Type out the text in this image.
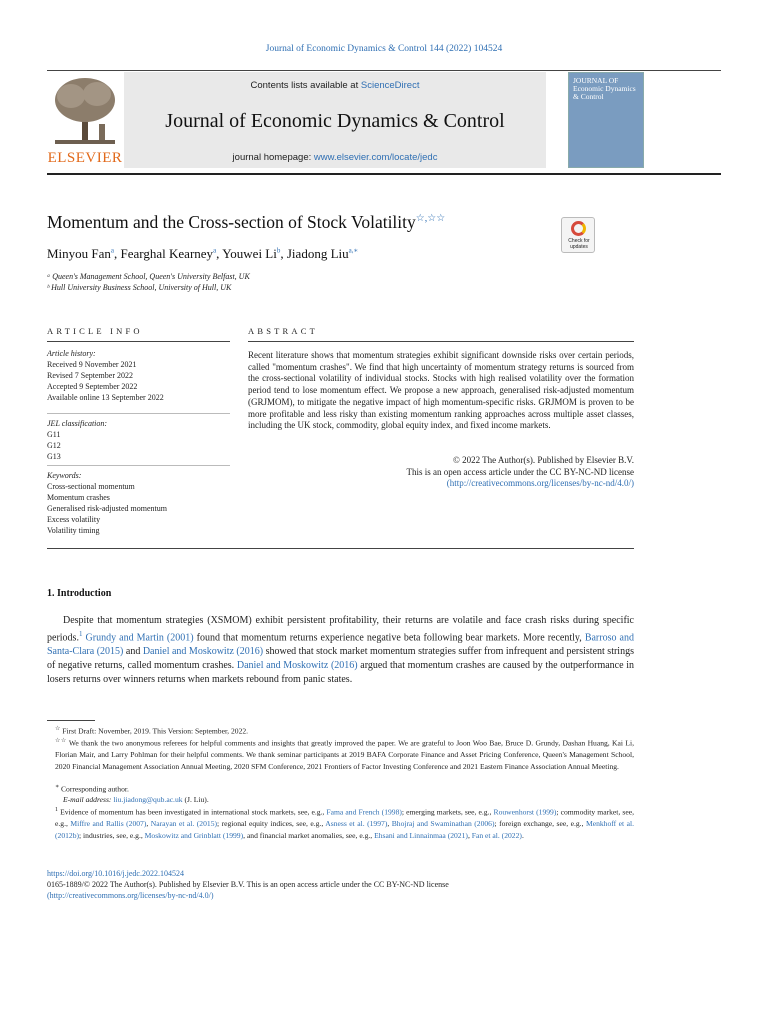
Journal of Economic Dynamics & Control 144 (2022) 104524
ELSEVIER
Contents lists available at ScienceDirect
Journal of Economic Dynamics & Control
journal homepage: www.elsevier.com/locate/jedc
JOURNAL OF Economic Dynamics & Control
Momentum and the Cross-section of Stock Volatility☆,☆☆
Check for updates
Minyou Fan$^a$, Fearghal Kearney$^a$, Youwei Li$^b$, Jiadong Liu$^{a,∗}$
ᵃ Queen's Management School, Queen's University Belfast, UK
ᵇ Hull University Business School, University of Hull, UK
ARTICLE INFO	ABSTRACT
Article history:
Received 9 November 2021
Revised 7 September 2022
Accepted 9 September 2022
Available online 13 September 2022
JEL classification:
G11
G12
G13
Keywords:
Cross-sectional momentum
Momentum crashes
Generalised risk-adjusted momentum
Excess volatility
Volatility timing
Recent literature shows that momentum strategies exhibit significant downside risks over certain periods, called "momentum crashes". We find that high uncertainty of momentum strategy returns is sourced from the cross-sectional volatility of individual stocks. Stocks with high realised volatility over the formation period tend to lose momentum effect. We propose a new approach, generalised risk-adjusted momentum (GRJMOM), to mitigate the negative impact of high momentum-specific risks. GRJMOM is proven to be more profitable and less risky than existing momentum ranking approaches across multiple asset classes, including the UK stock, commodity, global equity index, and fixed income markets.
© 2022 The Author(s). Published by Elsevier B.V.
This is an open access article under the CC BY-NC-ND license
(http://creativecommons.org/licenses/by-nc-nd/4.0/)
1. Introduction
Despite that momentum strategies (XSMOM) exhibit persistent profitability, their returns are volatile and face crash risks during specific periods.$^1$ Grundy and Martin (2001) found that momentum returns experience negative beta following bear markets. More recently, Barroso and Santa-Clara (2015) and Daniel and Moskowitz (2016) showed that stock market momentum strategies suffer from infrequent and persistent strings of negative returns, called momentum crashes. Daniel and Moskowitz (2016) argued that momentum crashes are caused by the outperformance in losers returns over winners returns when markets rebound from panic states.
☆ First Draft: November, 2019. This Version: September, 2022.
☆☆ We thank the two anonymous referees for helpful comments and insights that greatly improved the paper. We are grateful to Joon Woo Bae, Bruce D. Grundy, Dashan Huang, Kai Li, Florian Mair, and Larry Pohlman for their helpful comments. We thank seminar participants at 2019 BAFA Corporate Finance and Asset Pricing Conference, Queen's Management School, 2020 Financial Management Association Annual Meeting, 2020 SFM Conference, 2021 Frontiers of Factor Investing Conference and 2021 Eastern Finance Association Annual Meeting.
∗ Corresponding author.
E-mail address: liu.jiadong@qub.ac.uk (J. Liu).
$^1$ Evidence of momentum has been investigated in international stock markets, see, e.g., Fama and French (1998); emerging markets, see, e.g., Rouwenhorst (1999); commodity market, see, e.g., Miffre and Rallis (2007), Narayan et al. (2015); regional equity indices, see, e.g., Asness et al. (1997), Bhojraj and Swaminathan (2006); foreign exchange, see, e.g., Menkhoff et al. (2012b); industries, see, e.g., Moskowitz and Grinblatt (1999), and financial market anomalies, see, e.g., Ehsani and Linnainmaa (2021), Fan et al. (2022).
https://doi.org/10.1016/j.jedc.2022.104524
0165-1889/© 2022 The Author(s). Published by Elsevier B.V. This is an open access article under the CC BY-NC-ND license
(http://creativecommons.org/licenses/by-nc-nd/4.0/)
